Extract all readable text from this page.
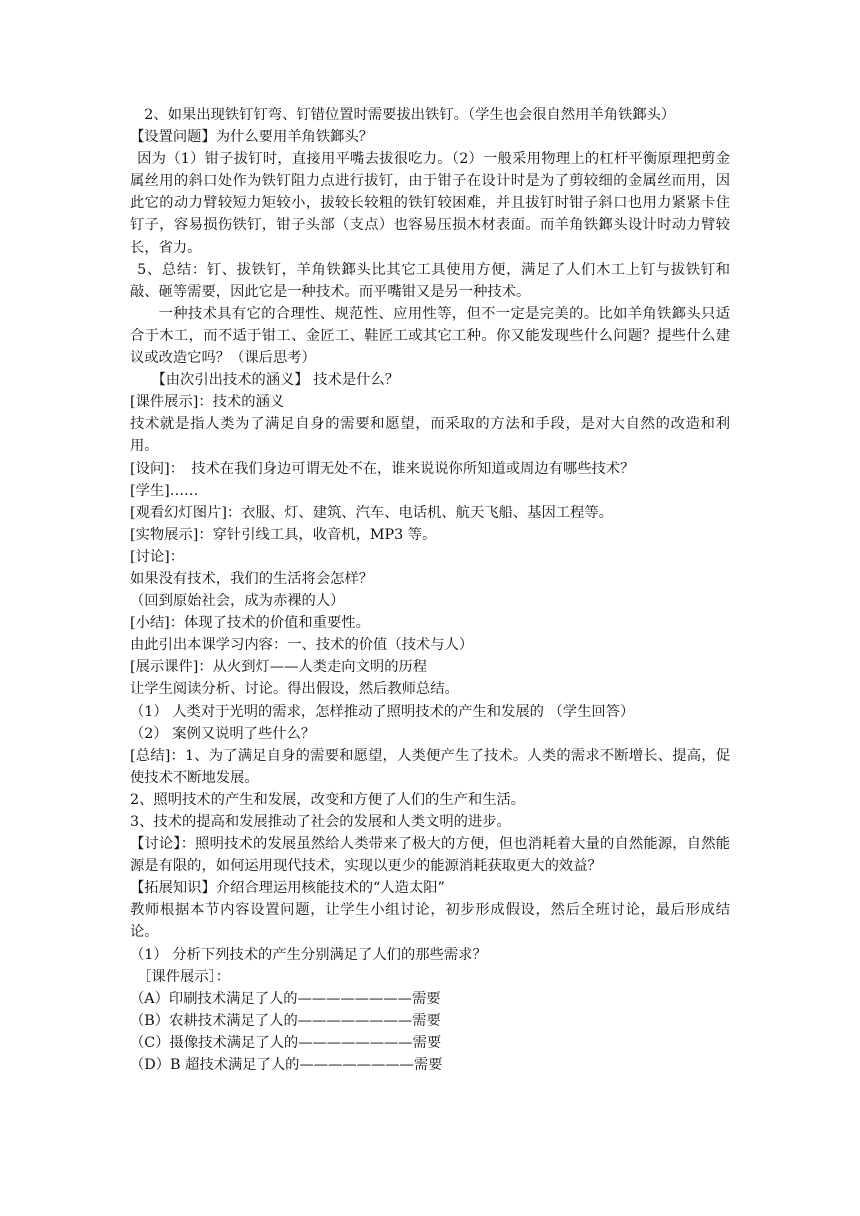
2、如果出现铁钉钉弯、钉错位置时需要拔出铁钉。（学生也会很自然用羊角铁鎯头）

【设置问题】为什么要用羊角铁鎯头？

因为（1）钳子拔钉时，直接用平嘴去拔很吃力。（2）一般采用物理上的杠杆平衡原理把剪金属丝用的斜口处作为铁钉阻力点进行拔钉，由于钳子在设计时是为了剪较细的金属丝而用，因此它的动力臂较短力矩较小，拔较长较粗的铁钉较困难，并且拔钉时钳子斜口也用力紧紧卡住钉子，容易损伤铁钉，钳子头部（支点）也容易压损木材表面。而羊角铁鎯头设计时动力臂较长，省力。

5、总结：钉、拔铁钉，羊角铁鎯头比其它工具使用方便，满足了人们木工上钉与拔铁钉和敲、砸等需要，因此它是一种技术。而平嘴钳又是另一种技术。

一种技术具有它的合理性、规范性、应用性等，但不一定是完美的。比如羊角铁鎯头只适合于木工，而不适于钳工、金匠工、鞋匠工或其它工种。你又能发现些什么问题？提些什么建议或改造它吗？（课后思考）

【由次引出技术的涵义】 技术是什么？

[课件展示]：技术的涵义

技术就是指人类为了满足自身的需要和愿望，而采取的方法和手段，是对大自然的改造和利用。

[设问]：　技术在我们身边可谓无处不在，谁来说说你所知道或周边有哪些技术？

[学生]……

[观看幻灯图片]：衣服、灯、建筑、汽车、电话机、航天飞船、基因工程等。

[实物展示]：穿针引线工具，收音机，MP3 等。

[讨论]：

如果没有技术，我们的生活将会怎样？

（回到原始社会，成为赤裸的人）

[小结]：体现了技术的价值和重要性。

由此引出本课学习内容：一、技术的价值（技术与人）

[展示课件]：从火到灯——人类走向文明的历程

让学生阅读分析、讨论。得出假设，然后教师总结。

（1） 人类对于光明的需求，怎样推动了照明技术的产生和发展的 （学生回答）

（2） 案例又说明了些什么？

[总结]：1、为了满足自身的需要和愿望，人类便产生了技术。人类的需求不断增长、提高，促使技术不断地发展。

2、照明技术的产生和发展，改变和方便了人们的生产和生活。

3、技术的提高和发展推动了社会的发展和人类文明的进步。

【讨论】：照明技术的发展虽然给人类带来了极大的方便，但也消耗着大量的自然能源，自然能源是有限的，如何运用现代技术，实现以更少的能源消耗获取更大的效益？

【拓展知识】介绍合理运用核能技术的“人造太阳”

教师根据本节内容设置问题，让学生小组讨论，初步形成假设，然后全班讨论，最后形成结论。

（1） 分析下列技术的产生分别满足了人们的那些需求？

［课件展示］：

（A）印刷技术满足了人的————————需要

（B）农耕技术满足了人的————————需要

（C）摄像技术满足了人的————————需要

（D）B 超技术满足了人的————————需要
